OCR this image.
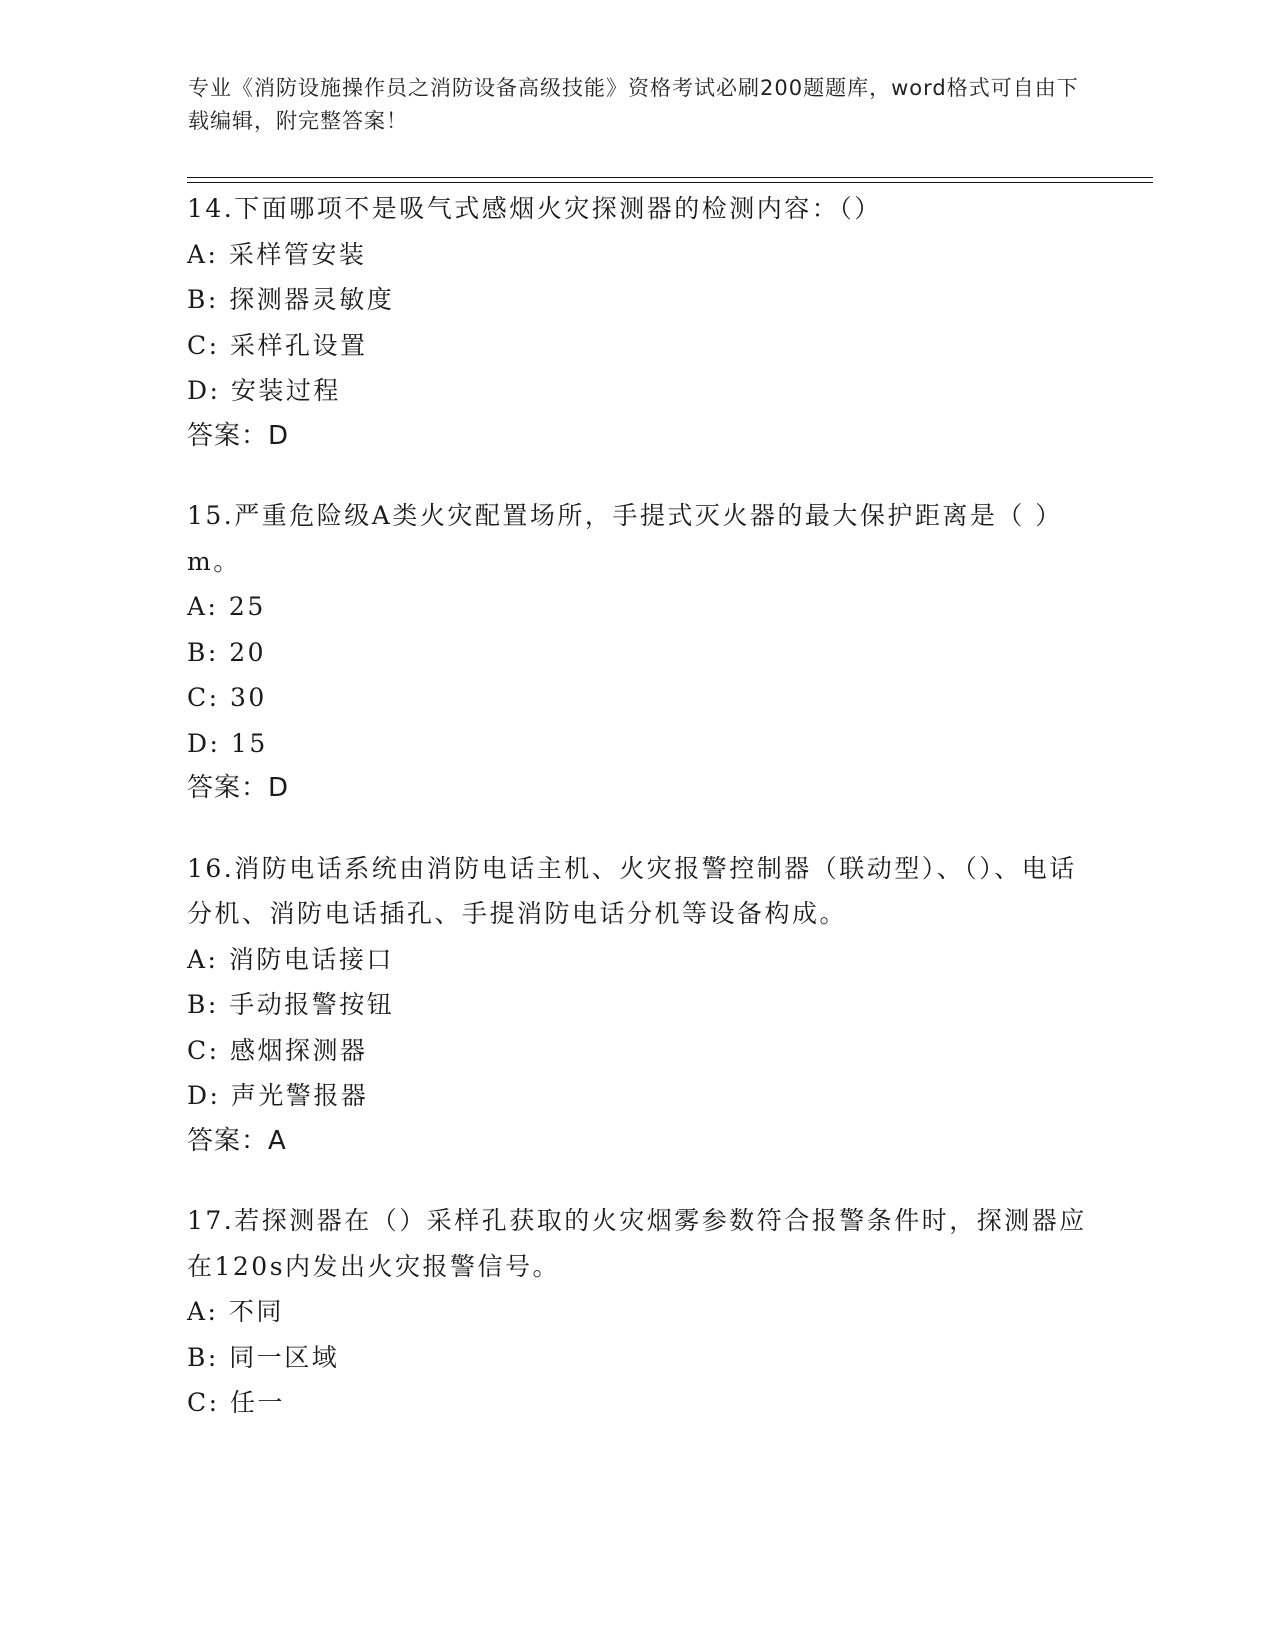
专业《消防设施操作员之消防设备高级技能》资格考试必刷200题题库，word格式可自由下载编辑，附完整答案！
14.下面哪项不是吸气式感烟火灾探测器的检测内容：（）
A: 采样管安装
B: 探测器灵敏度
C: 采样孔设置
D: 安装过程
答案：D
15.严重危险级A类火灾配置场所，手提式灭火器的最大保护距离是（ ）m。
A: 25
B: 20
C: 30
D: 15
答案：D
16.消防电话系统由消防电话主机、火灾报警控制器（联动型）、（）、电话分机、消防电话插孔、手提消防电话分机等设备构成。
A: 消防电话接口
B: 手动报警按钮
C: 感烟探测器
D: 声光警报器
答案：A
17.若探测器在（）采样孔获取的火灾烟雾参数符合报警条件时，探测器应在120s内发出火灾报警信号。
A: 不同
B: 同一区域
C: 任一
